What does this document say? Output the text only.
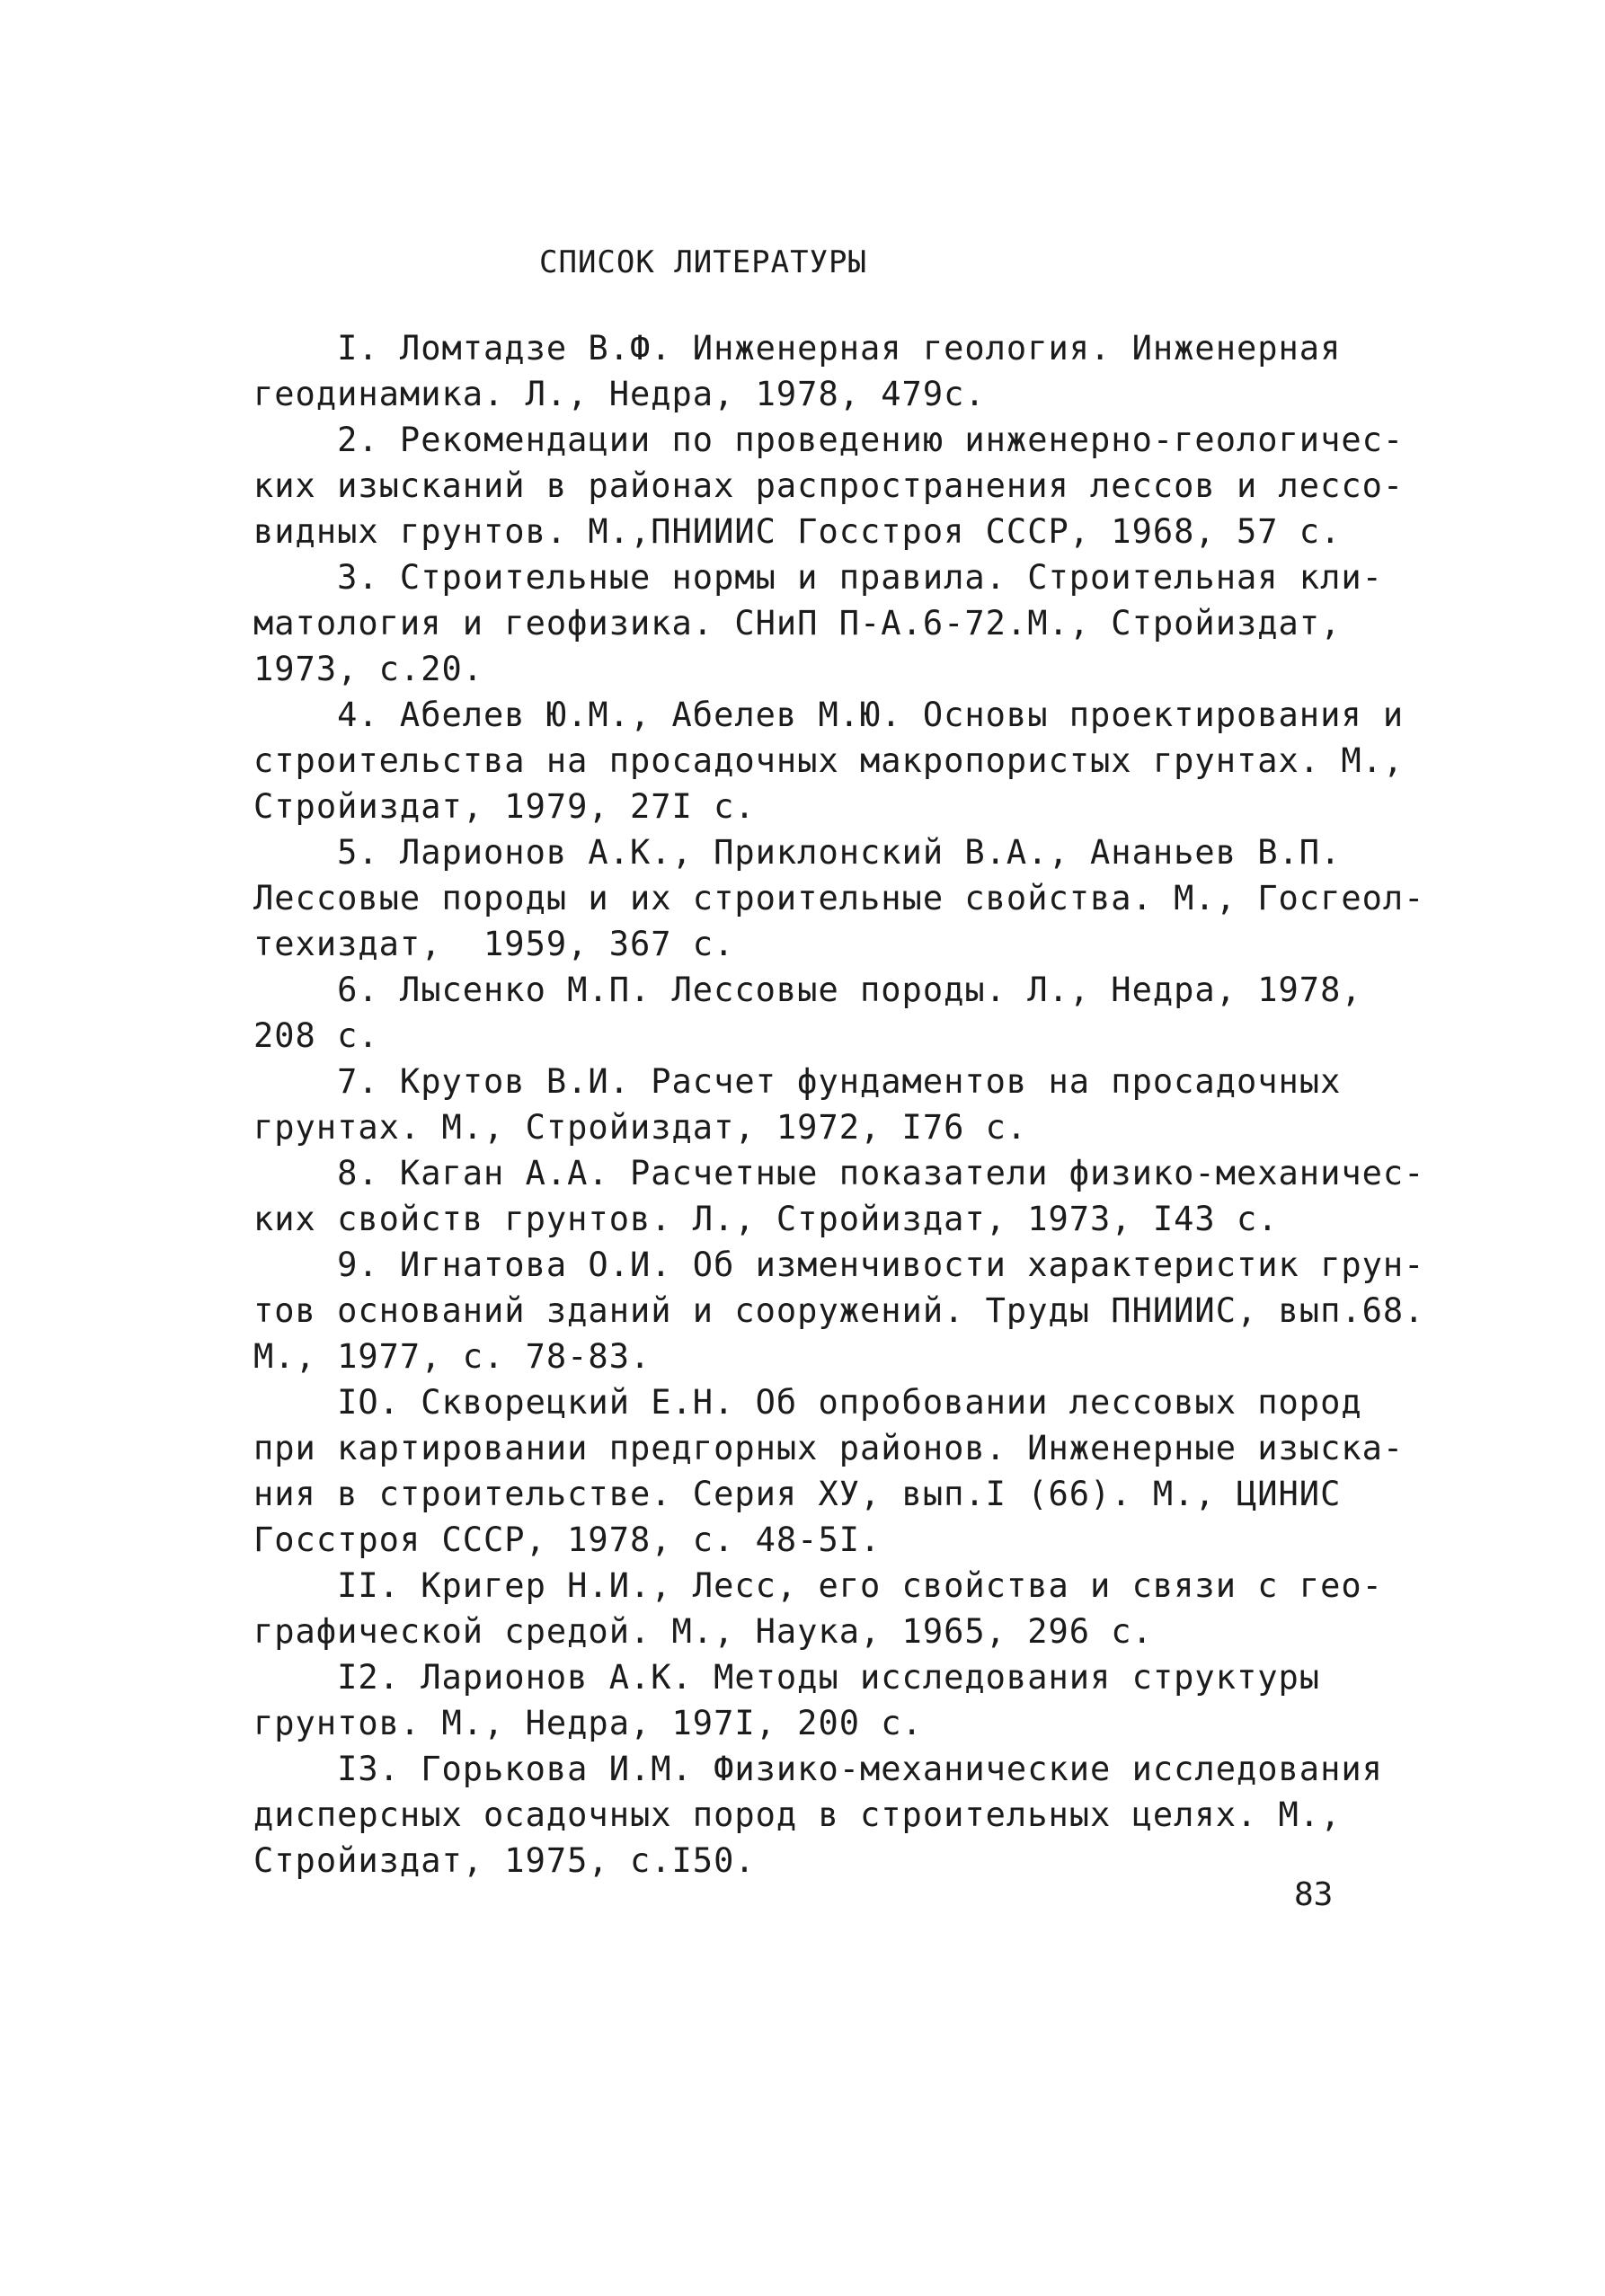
СПИСОК ЛИТЕРАТУРЫ
I. Ломтадзе В.Ф. Инженерная геология. Инженерная
геодинамика. Л., Недра, 1978, 479с.
2. Рекомендации по проведению инженерно-геологичес-
ких изысканий в районах распространения лессов и лессо-
видных грунтов. М.,ПНИИИС Госстроя СССР, 1968, 57 с.
3. Строительные нормы и правила. Строительная кли-
матология и геофизика. СНиП П-А.6-72.М., Стройиздат,
1973, с.20.
4. Абелев Ю.М., Абелев М.Ю. Основы проектирования и
строительства на просадочных макропористых грунтах. М.,
Стройиздат, 1979, 27I с.
5. Ларионов А.К., Приклонский В.А., Ананьев В.П.
Лессовые породы и их строительные свойства. М., Госгеол-
техиздат,  1959, 367 с.
6. Лысенко М.П. Лессовые породы. Л., Недра, 1978,
208 с.
7. Крутов В.И. Расчет фундаментов на просадочных
грунтах. М., Стройиздат, 1972, I76 с.
8. Каган А.А. Расчетные показатели физико-механичес-
ких свойств грунтов. Л., Стройиздат, 1973, I43 с.
9. Игнатова О.И. Об изменчивости характеристик грун-
тов оснований зданий и сооружений. Труды ПНИИИС, вып.68.
М., 1977, с. 78-83.
IO. Скворецкий Е.Н. Об опробовании лессовых пород
при картировании предгорных районов. Инженерные изыска-
ния в строительстве. Серия XУ, вып.I (66). М., ЦИНИС
Госстроя СССР, 1978, с. 48-5I.
II. Кригер Н.И., Лесс, его свойства и связи с гео-
графической средой. М., Наука, 1965, 296 с.
I2. Ларионов А.К. Методы исследования структуры
грунтов. М., Недра, 197I, 200 с.
I3. Горькова И.М. Физико-механические исследования
дисперсных осадочных пород в строительных целях. М.,
Стройиздат, 1975, с.I50.
83
